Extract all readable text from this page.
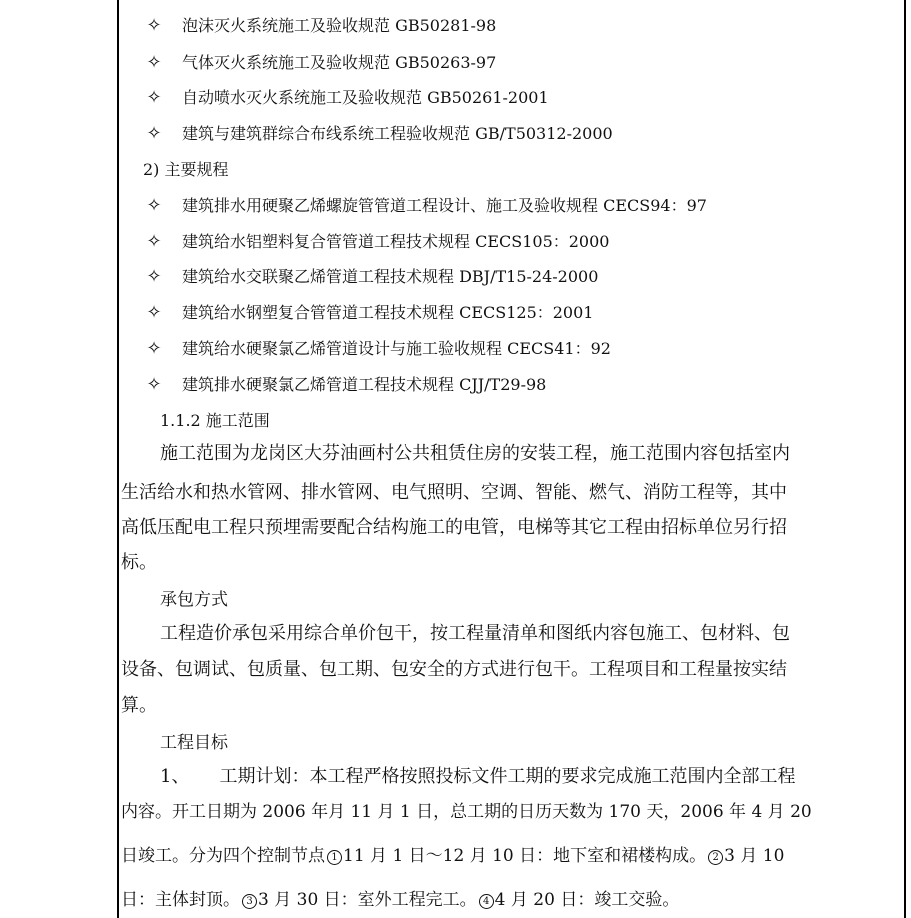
✧ 泡沫灭火系统施工及验收规范 GB50281-98
✧ 气体灭火系统施工及验收规范 GB50263-97
✧ 自动喷水灭火系统施工及验收规范 GB50261-2001
✧ 建筑与建筑群综合布线系统工程验收规范 GB/T50312-2000
2) 主要规程
✧ 建筑排水用硬聚乙烯螺旋管管道工程设计、施工及验收规程 CECS94：97
✧ 建筑给水铝塑料复合管管道工程技术规程 CECS105：2000
✧ 建筑给水交联聚乙烯管道工程技术规程 DBJ/T15-24-2000
✧ 建筑给水钢塑复合管管道工程技术规程 CECS125：2001
✧ 建筑给水硬聚氯乙烯管道设计与施工验收规程 CECS41：92
✧ 建筑排水硬聚氯乙烯管道工程技术规程 CJJ/T29-98
1.1.2 施工范围
施工范围为龙岗区大芬油画村公共租赁住房的安装工程，施工范围内容包括室内
生活给水和热水管网、排水管网、电气照明、空调、智能、燃气、消防工程等，其中
高低压配电工程只预埋需要配合结构施工的电管，电梯等其它工程由招标单位另行招
标。
承包方式
工程造价承包采用综合单价包干，按工程量清单和图纸内容包施工、包材料、包
设备、包调试、包质量、包工期、包安全的方式进行包干。工程项目和工程量按实结
算。
工程目标
1、 工期计划：本工程严格按照投标文件工期的要求完成施工范围内全部工程
内容。开工日期为 2006 年月 11 月 1 日，总工期的日历天数为 170 天，2006 年 4 月 20
日竣工。分为四个控制节点 1 11 月 1 日～12 月 10 日：地下室和裙楼构成。 2 3 月 10
日：主体封顶。 3 3 月 30 日：室外工程完工。 4 4 月 20 日：竣工交验。
